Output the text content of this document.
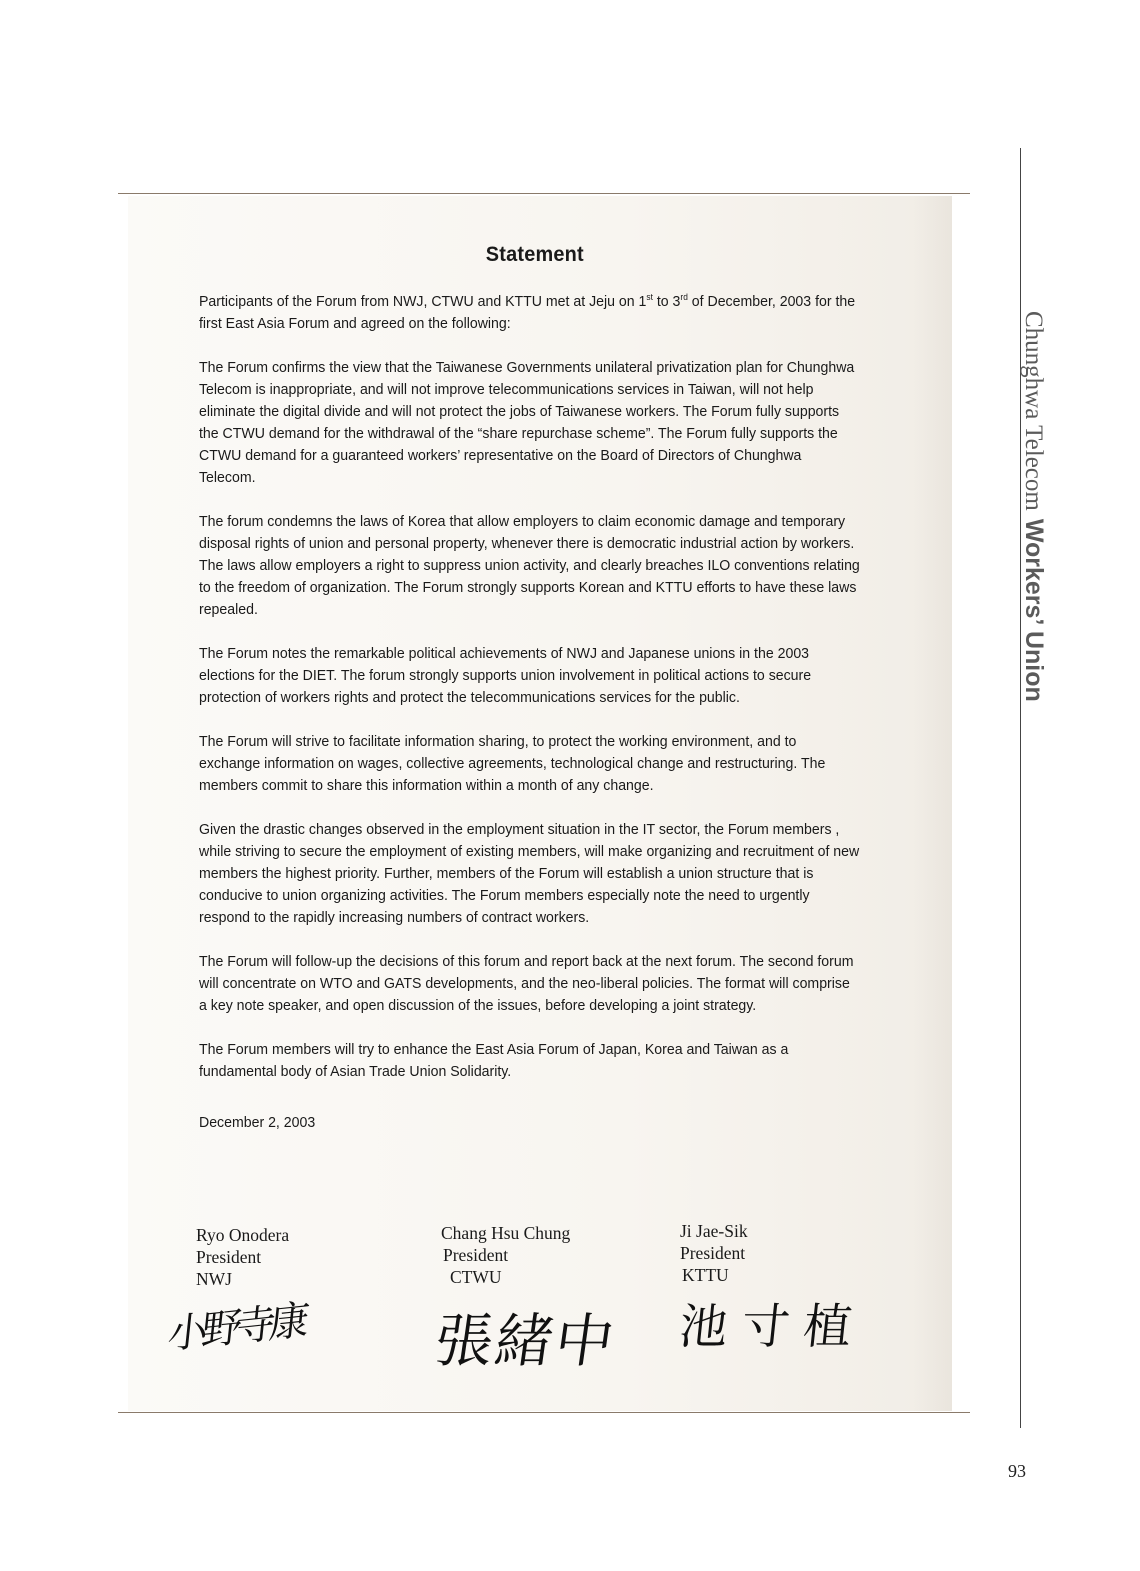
Statement

Participants of the Forum from NWJ, CTWU and KTTU met at Jeju on 1st to 3rd of December, 2003 for the first East Asia Forum and agreed on the following:

The Forum confirms the view that the Taiwanese Governments unilateral privatization plan for Chunghwa Telecom is inappropriate, and will not improve telecommunications services in Taiwan, will not help eliminate the digital divide and will not protect the jobs of Taiwanese workers. The Forum fully supports the CTWU demand for the withdrawal of the “share repurchase scheme”. The Forum fully supports the CTWU demand for a guaranteed workers’ representative on the Board of Directors of Chunghwa Telecom.

The forum condemns the laws of Korea that allow employers to claim economic damage and temporary disposal rights of union and personal property, whenever there is democratic industrial action by workers. The laws allow employers a right to suppress union activity, and clearly breaches ILO conventions relating to the freedom of organization. The Forum strongly supports Korean and KTTU efforts to have these laws repealed.

The Forum notes the remarkable political achievements of NWJ and Japanese unions in the 2003 elections for the DIET. The forum strongly supports union involvement in political actions to secure protection of workers rights and protect the telecommunications services for the public.

The Forum will strive to facilitate information sharing, to protect the working environment, and to exchange information on wages, collective agreements, technological change and restructuring. The members commit to share this information within a month of any change.

Given the drastic changes observed in the employment situation in the IT sector, the Forum members , while striving to secure the employment of existing members, will make organizing and recruitment of new members the highest priority. Further, members of the Forum will establish a union structure that is conducive to union organizing activities. The Forum members especially note the need to urgently respond to the rapidly increasing numbers of contract workers.

The Forum will follow-up the decisions of this forum and report back at the next forum. The second forum will concentrate on WTO and GATS developments, and the neo-liberal policies. The format will comprise a key note speaker, and open discussion of the issues, before developing a joint strategy.

The Forum members will try to enhance the East Asia Forum of Japan, Korea and Taiwan as a fundamental body of Asian Trade Union Solidarity.

December 2, 2003
Ryo Onodera
President
NWJ
Chang Hsu Chung
President
CTWU
Ji Jae-Sik
President
KTTU
小野寺康 張緒中 池寸植
Chunghwa TelecomWorkers’ Union
93
